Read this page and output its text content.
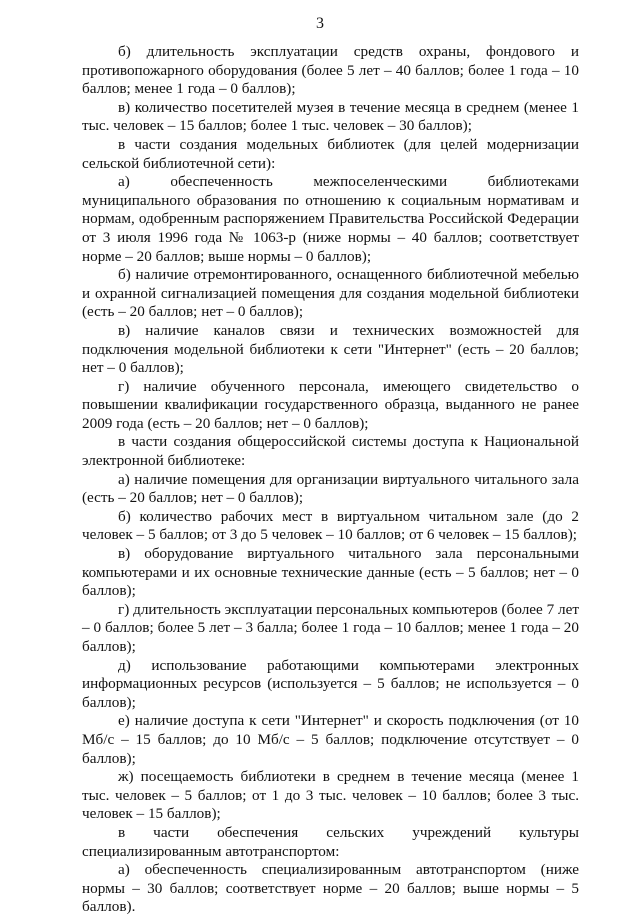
3

б) длительность эксплуатации средств охраны, фондового и противопожарного оборудования (более 5 лет – 40 баллов; более 1 года – 10 баллов; менее 1 года – 0 баллов);

в) количество посетителей музея в течение месяца в среднем (менее 1 тыс. человек – 15 баллов; более 1 тыс. человек – 30 баллов);

в части создания модельных библиотек (для целей модернизации сельской библиотечной сети):

а) обеспеченность межпоселенческими библиотеками муниципального образования по отношению к социальным нормативам и нормам, одобренным распоряжением Правительства Российской Федерации от 3 июля 1996 года № 1063-р (ниже нормы – 40 баллов; соответствует норме – 20 баллов; выше нормы – 0 баллов);

б) наличие отремонтированного, оснащенного библиотечной мебелью и охранной сигнализацией помещения для создания модельной библиотеки (есть – 20 баллов; нет – 0 баллов);

в) наличие каналов связи и технических возможностей для подключения модельной библиотеки к сети "Интернет" (есть – 20 баллов; нет – 0 баллов);

г) наличие обученного персонала, имеющего свидетельство о повышении квалификации государственного образца, выданного не ранее 2009 года (есть – 20 баллов; нет – 0 баллов);

в части создания общероссийской системы доступа к Национальной электронной библиотеке:

а) наличие помещения для организации виртуального читального зала (есть – 20 баллов; нет – 0 баллов);

б) количество рабочих мест в виртуальном читальном зале (до 2 человек – 5 баллов; от 3 до 5 человек – 10 баллов; от 6 человек – 15 баллов);

в) оборудование виртуального читального зала персональными компьютерами и их основные технические данные (есть – 5 баллов; нет – 0 баллов);

г) длительность эксплуатации персональных компьютеров (более 7 лет – 0 баллов; более 5 лет – 3 балла; более 1 года – 10 баллов; менее 1 года – 20 баллов);

д) использование работающими компьютерами электронных информационных ресурсов (используется – 5 баллов; не используется – 0 баллов);

е) наличие доступа к сети "Интернет" и скорость подключения (от 10 Мб/с – 15 баллов; до 10 Мб/с – 5 баллов; подключение отсутствует – 0 баллов);

ж) посещаемость библиотеки в среднем в течение месяца (менее 1 тыс. человек – 5 баллов; от 1 до 3 тыс. человек – 10 баллов; более 3 тыс. человек – 15 баллов);

в части обеспечения сельских учреждений культуры специализированным автотранспортом:

а) обеспеченность специализированным автотранспортом (ниже нормы – 30 баллов; соответствует норме – 20 баллов; выше нормы – 5 баллов).
